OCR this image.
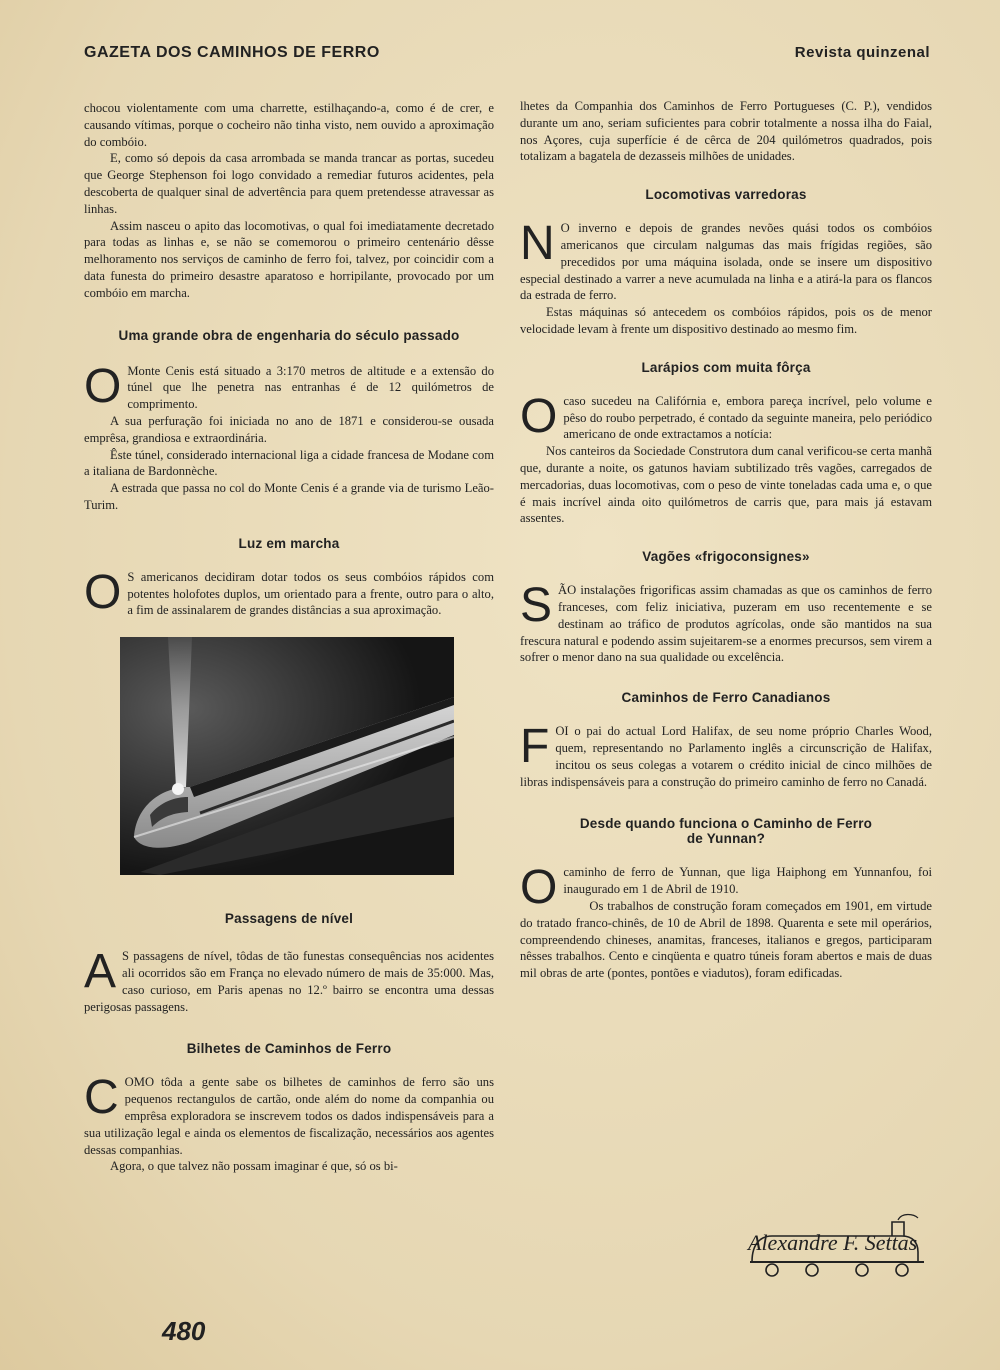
GAZETA DOS CAMINHOS DE FERRO	Revista quinzenal

chocou violentamente com uma charrette, estilhaçando-a, como é de crer, e causando vítimas, porque o cocheiro não tinha visto, nem ouvido a aproximação do combóio.

E, como só depois da casa arrombada se manda trancar as portas, sucedeu que George Stephenson foi logo convidado a remediar futuros acidentes, pela descoberta de qualquer sinal de advertência para quem pretendesse atravessar as linhas.

Assim nasceu o apito das locomotivas, o qual foi imediatamente decretado para todas as linhas e, se não se comemorou o primeiro centenário dêsse melhoramento nos serviços de caminho de ferro foi, talvez, por coincidir com a data funesta do primeiro desastre aparatoso e horripilante, provocado por um combóio em marcha.

Uma grande obra de engenharia do século passado
O Monte Cenis está situado a 3:170 metros de altitude e a extensão do túnel que lhe penetra nas entranhas é de 12 quilómetros de comprimento.

A sua perfuração foi iniciada no ano de 1871 e considerou-se ousada emprêsa, grandiosa e extraordinária.

Êste túnel, considerado internacional liga a cidade francesa de Modane com a italiana de Bardonnèche.

A estrada que passa no col do Monte Cenis é a grande via de turismo Leão-Turim.

Luz em marcha
O S americanos decidiram dotar todos os seus combóios rápidos com potentes holofotes duplos, um orientado para a frente, outro para o alto, a fim de assinalarem de grandes distâncias a sua aproximação.

Passagens de nível
A S passagens de nível, tôdas de tão funestas consequências nos acidentes ali ocorridos são em França no elevado número de mais de 35:000. Mas, caso curioso, em Paris apenas no 12.º bairro se encontra uma dessas perigosas passagens.

Bilhetes de Caminhos de Ferro
C OMO tôda a gente sabe os bilhetes de caminhos de ferro são uns pequenos rectangulos de cartão, onde além do nome da companhia ou emprêsa exploradora se inscrevem todos os dados indispensáveis para a sua utilização legal e ainda os elementos de fiscalização, necessários aos agentes dessas companhias.

Agora, o que talvez não possam imaginar é que, só os bi-

480

lhetes da Companhia dos Caminhos de Ferro Portugueses (C. P.), vendidos durante um ano, seriam suficientes para cobrir totalmente a nossa ilha do Faial, nos Açores, cuja superfície é de cêrca de 204 quilómetros quadrados, pois totalizam a bagatela de dezasseis milhões de unidades.

Locomotivas varredoras
N O inverno e depois de grandes nevões quási todos os combóios americanos que circulam nalgumas das mais frígidas regiões, são precedidos por uma máquina isolada, onde se insere um dispositivo especial destinado a varrer a neve acumulada na linha e a atirá-la para os flancos da estrada de ferro.

Estas máquinas só antecedem os combóios rápidos, pois os de menor velocidade levam à frente um dispositivo destinado ao mesmo fim.

Larápios com muita fôrça
O caso sucedeu na Califórnia e, embora pareça incrível, pelo volume e pêso do roubo perpetrado, é contado da seguinte maneira, pelo periódico americano de onde extractamos a notícia:

Nos canteiros da Sociedade Construtora dum canal verificou-se certa manhã que, durante a noite, os gatunos haviam subtilizado três vagões, carregados de mercadorias, duas locomotivas, com o peso de vinte toneladas cada uma e, o que é mais incrível ainda oito quilómetros de carris que, para mais já estavam assentes.

Vagões «frigoconsignes»
S ÃO instalações frigorificas assim chamadas as que os caminhos de ferro franceses, com feliz iniciativa, puzeram em uso recentemente e se destinam ao tráfico de produtos agrícolas, onde são mantidos na sua frescura natural e podendo assim sujeitarem-se a enormes precursos, sem virem a sofrer o menor dano na sua qualidade ou excelência.

Caminhos de Ferro Canadianos
F OI o pai do actual Lord Halifax, de seu nome próprio Charles Wood, quem, representando no Parlamento inglês a circunscrição de Halifax, incitou os seus colegas a votarem o crédito inicial de cinco milhões de libras indispensáveis para a construção do primeiro caminho de ferro no Canadá.

Desde quando funciona o Caminho de Ferro
de Yunnan?
O caminho de ferro de Yunnan, que liga Haiphong em Yunnanfou, foi inaugurado em 1 de Abril de 1910.

Os trabalhos de construção foram começados em 1901, em virtude do tratado franco-chinês, de 10 de Abril de 1898. Quarenta e sete mil operários, compreendendo chineses, anamitas, franceses, italianos e gregos, participaram nêsses trabalhos. Cento e cinqüenta e quatro túneis foram abertos e mais de duas mil obras de arte (pontes, pontões e viadutos), foram edificadas.

Alexandre F. Settas
